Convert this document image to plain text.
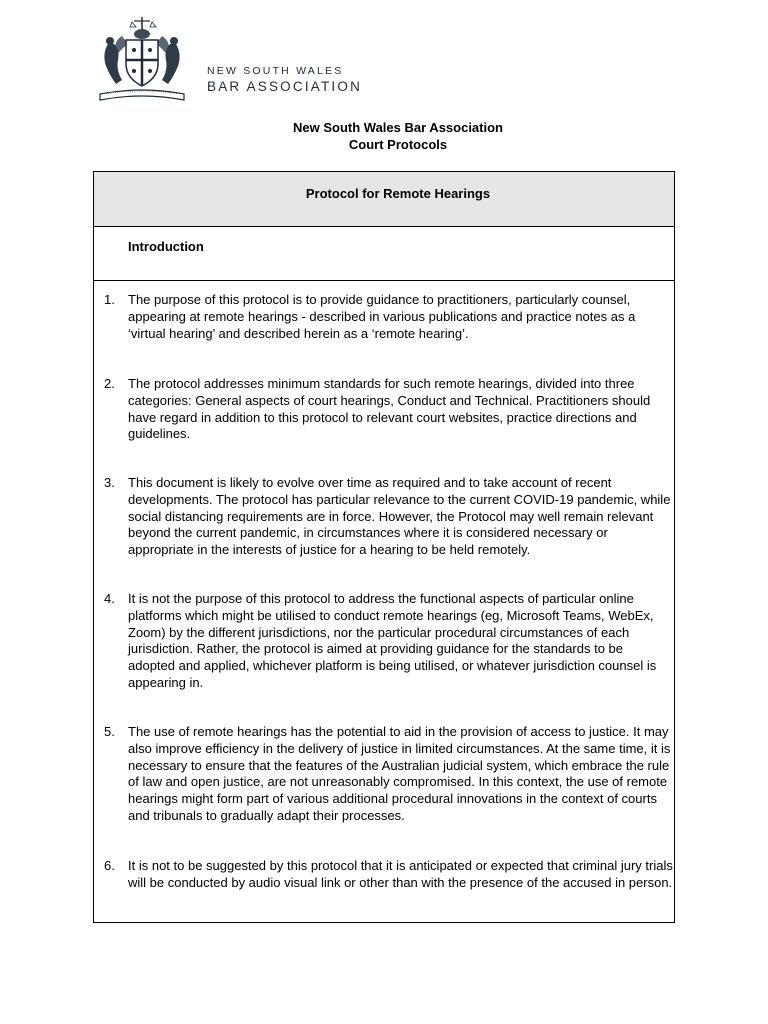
NEW SOUTH WALES
BAR ASSOCIATION
New South Wales Bar Association
Court Protocols
Protocol for Remote Hearings
Introduction
1. The purpose of this protocol is to provide guidance to practitioners, particularly counsel, appearing at remote hearings - described in various publications and practice notes as a ‘virtual hearing’ and described herein as a ‘remote hearing’.
2. The protocol addresses minimum standards for such remote hearings, divided into three categories: General aspects of court hearings, Conduct and Technical. Practitioners should have regard in addition to this protocol to relevant court websites, practice directions and guidelines.
3. This document is likely to evolve over time as required and to take account of recent developments. The protocol has particular relevance to the current COVID-19 pandemic, while social distancing requirements are in force. However, the Protocol may well remain relevant beyond the current pandemic, in circumstances where it is considered necessary or appropriate in the interests of justice for a hearing to be held remotely.
4. It is not the purpose of this protocol to address the functional aspects of particular online platforms which might be utilised to conduct remote hearings (eg, Microsoft Teams, WebEx, Zoom) by the different jurisdictions, nor the particular procedural circumstances of each jurisdiction. Rather, the protocol is aimed at providing guidance for the standards to be adopted and applied, whichever platform is being utilised, or whatever jurisdiction counsel is appearing in.
5. The use of remote hearings has the potential to aid in the provision of access to justice. It may also improve efficiency in the delivery of justice in limited circumstances. At the same time, it is necessary to ensure that the features of the Australian judicial system, which embrace the rule of law and open justice, are not unreasonably compromised. In this context, the use of remote hearings might form part of various additional procedural innovations in the context of courts and tribunals to gradually adapt their processes.
6. It is not to be suggested by this protocol that it is anticipated or expected that criminal jury trials will be conducted by audio visual link or other than with the presence of the accused in person.
